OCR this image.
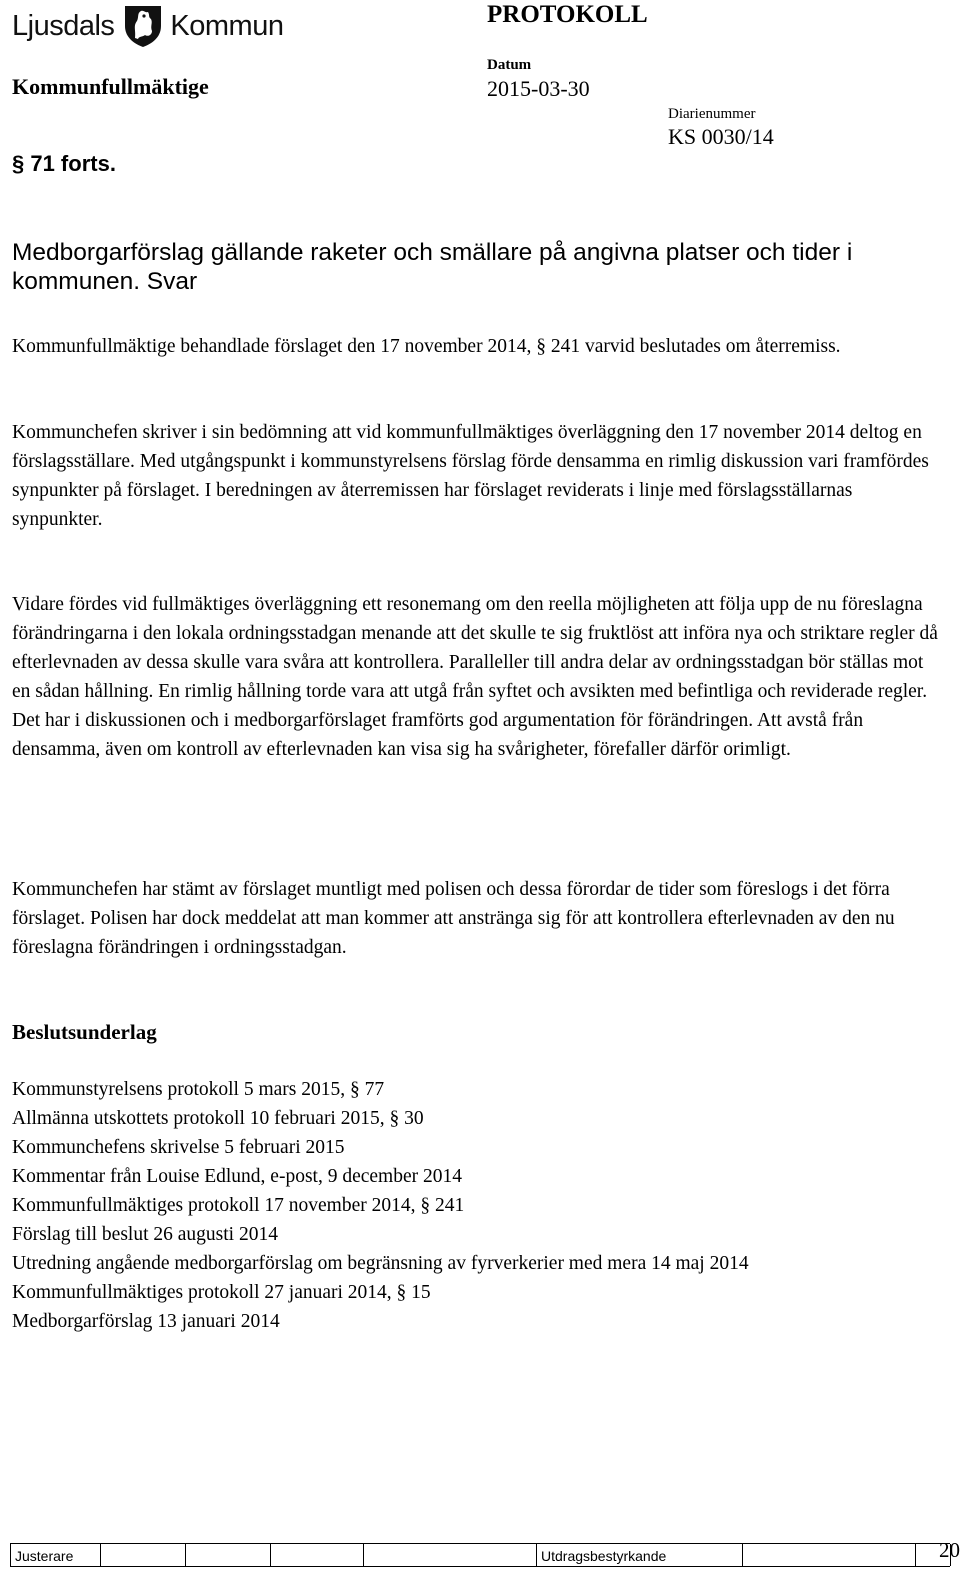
Ljusdals Kommun	PROTOKOLL
Kommunfullmäktige
Datum
2015-03-30
Diarienummer
KS 0030/14
§ 71 forts.
Medborgarförslag gällande raketer och smällare på angivna platser och tider i kommunen. Svar

Kommunfullmäktige behandlade förslaget den 17 november 2014, § 241 varvid beslutades om återremiss.

Kommunchefen skriver i sin bedömning att vid kommunfullmäktiges överläggning den 17 november 2014 deltog en förslagsställare. Med utgångspunkt i kommunstyrelsens förslag förde densamma en rimlig diskussion vari framfördes synpunkter på förslaget. I beredningen av återremissen har förslaget reviderats i linje med förslagsställarnas synpunkter.

Vidare fördes vid fullmäktiges överläggning ett resonemang om den reella möjligheten att följa upp de nu föreslagna förändringarna i den lokala ordningsstadgan menande att det skulle te sig fruktlöst att införa nya och striktare regler då efterlevnaden av dessa skulle vara svåra att kontrollera. Paralleller till andra delar av ordningsstadgan bör ställas mot en sådan hållning. En rimlig hållning torde vara att utgå från syftet och avsikten med befintliga och reviderade regler. Det har i diskussionen och i medborgarförslaget framförts god argumentation för förändringen. Att avstå från densamma, även om kontroll av efterlevnaden kan visa sig ha svårigheter, förefaller därför orimligt.

Kommunchefen har stämt av förslaget muntligt med polisen och dessa förordar de tider som föreslogs i det förra förslaget. Polisen har dock meddelat att man kommer att anstränga sig för att kontrollera efterlevnaden av den nu föreslagna förändringen i ordningsstadgan.

Beslutsunderlag
Kommunstyrelsens protokoll 5 mars 2015, § 77
Allmänna utskottets protokoll 10 februari 2015, § 30
Kommunchefens skrivelse 5 februari 2015
Kommentar från Louise Edlund, e-post, 9 december 2014
Kommunfullmäktiges protokoll 17 november 2014, § 241
Förslag till beslut 26 augusti 2014
Utredning angående medborgarförslag om begränsning av fyrverkerier med mera 14 maj 2014
Kommunfullmäktiges protokoll 27 januari 2014, § 15
Medborgarförslag 13 januari 2014
Justerare	Utdragsbestyrkande	20
